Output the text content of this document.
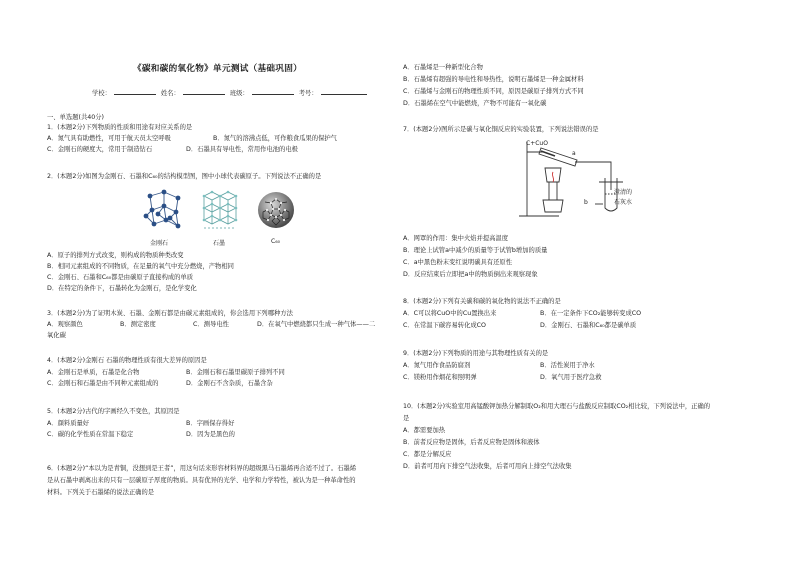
《碳和碳的氧化物》单元测试（基础巩固）
学校：	姓名：	班级：	考号：
一、单选题(共40分)
1．(本题2分)下列物质的性质和用途有对应关系的是
A．氮气具有助燃性，可用于航天员太空呼吸	B．氮气的溶沸点低，可作粮食瓜果的保护气
C．金刚石的硬度大，常用于制造钻石	D．石墨具有导电性，常用作电池的电极
2．(本题2分)如图为金刚石、石墨和C₆₀的结构模型图，图中小球代表碳原子。下列说法不正确的是
金刚石	石墨	C₆₀
A．原子的排列方式改变，则构成的物质种类改变
B．相同元素组成的不同物质，在足量的氧气中充分燃烧，产物相同
C．金刚石、石墨和C₆₀都是由碳原子直接构成的单质
D．在特定的条件下，石墨转化为金刚石，是化学变化
3．(本题2分)为了证明木炭、石墨、金刚石都是由碳元素组成的，你会选用下列哪种方法
A．观察颜色	B．测定密度	C．测导电性	D．在氧气中燃烧都只生成一种气体——二
氧化碳
4．(本题2分)金刚石 石墨的物理性质有很大差异的原因是
A．金刚石是单质，石墨是化合物	B．金刚石和石墨里碳原子排列不同
C．金刚石和石墨是由不同种元素组成的	D．金刚石不含杂质，石墨含杂
5．(本题2分)古代的字画经久不变色，其原因是
A．颜料质量好	B．字画保存得好
C．碳的化学性质在常温下稳定	D．因为是黑色的
6．(本题2分)“本以为是青铜，没想到是王者”，用这句话来形容材料界的超级黑马石墨烯再合适不过了。石墨烯
是从石墨中剥离出来的只有一层碳原子厚度的物质。具有优异的光学、电学和力学特性，被认为是一种革命性的
材料。下列关于石墨烯的说法正确的是
A．石墨烯是一种新型化合物
B．石墨烯有超强的导电性和导热性，说明石墨烯是一种金属材料
C．石墨烯与金刚石的物理性质不同，原因是碳原子排列方式不同
D．石墨烯在空气中能燃烧，产物不可能有一氧化碳
7．(本题2分)图所示是碳与氧化铜反应的实验装置，下列说法错误的是
C+CuO
a
b
澄清的
石灰水
A．网罩的作用：集中火焰并提高温度
B．理论上试管a中减少的质量等于试管b增加的质量
C．a中黑色粉末变红说明碳具有还原性
D．反应结束后立即把a中的物质倒出来观察现象
8．(本题2分)下列有关碳和碳的氧化物的说法不正确的是
A．C可以将CuO中的Cu置换出来	B．在一定条件下CO₂能够转变成CO
C．在常温下碳容易转化成CO	D．金刚石、石墨和C₆₀都是碳单质
9．(本题2分)下列物质的用途与其物理性质有关的是
A．氮气用作食品防腐剂	B．活性炭用于净水
C．镁粉用作烟花和照明弹	D．氧气用于医疗急救
10．(本题2分)实验室用高锰酸钾加热分解制取O₂和用大理石与盐酸反应制取CO₂相比较，下列说法中，正确的
是
A．都需要加热
B．前者反应物是固体，后者反应物是固体和液体
C．都是分解反应
D．前者可用向下排空气法收集，后者可用向上排空气法收集
